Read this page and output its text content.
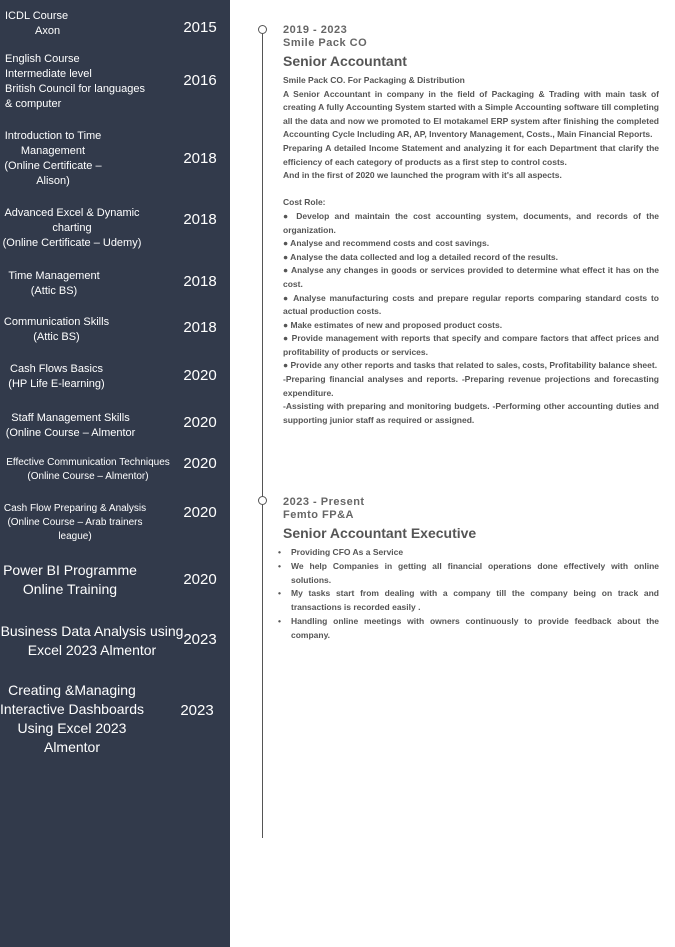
ICDL Course
Axon	2015
English Course
Intermediate level
British Council for languages
& computer
2016
Introduction to Time
Management
(Online Certificate –
Alison)
2018
Advanced Excel & Dynamic
charting
(Online Certificate – Udemy)
2018
Time Management
(Attic BS)
2018
Communication Skills
(Attic BS)
2018
Cash Flows Basics
(HP Life E-learning)	2020
Staff Management Skills
(Online Course – Almentor
2020
Effective Communication Techniques
(Online Course – Almentor)
2020
Cash Flow Preparing & Analysis
(Online Course – Arab trainers
league)
2020
Power BI Programme
Online Training
2020
Business Data Analysis using
Excel 2023 Almentor
2023
Creating &Managing
Interactive Dashboards
Using Excel 2023
Almentor
2023
2019 - 2023
Smile Pack CO
Senior Accountant

Smile Pack CO. For Packaging & Distribution

A Senior Accountant in company in the field of Packaging & Trading with main task of creating A fully Accounting System started with a Simple Accounting software till completing all the data and now we promoted to El motakamel ERP system after finishing the completed Accounting Cycle Including AR, AP, Inventory Management, Costs., Main Financial Reports.

Preparing A detailed Income Statement and analyzing it for each Department that clarify the efficiency of each category of products as a first step to control costs.

And in the first of 2020 we launched the program with it's all aspects.

Cost Role:

● Develop and maintain the cost accounting system, documents, and records of the organization.

● Analyse and recommend costs and cost savings.

● Analyse the data collected and log a detailed record of the results.

● Analyse any changes in goods or services provided to determine what effect it has on the cost.

● Analyse manufacturing costs and prepare regular reports comparing standard costs to actual production costs.

● Make estimates of new and proposed product costs.

● Provide management with reports that specify and compare factors that affect prices and profitability of products or services.

● Provide any other reports and tasks that related to sales, costs, Profitability balance sheet.

-Preparing financial analyses and reports. -Preparing revenue projections and forecasting expenditure.

-Assisting with preparing and monitoring budgets. -Performing other accounting duties and supporting junior staff as required or assigned.

2023 - Present
Femto FP&A
Senior Accountant Executive
• Providing CFO As a Service
• We help Companies in getting all financial operations done effectively with online solutions.
• My tasks start from dealing with a company till the company being on track and transactions is recorded easily .
• Handling online meetings with owners continuously to provide feedback about the company.
